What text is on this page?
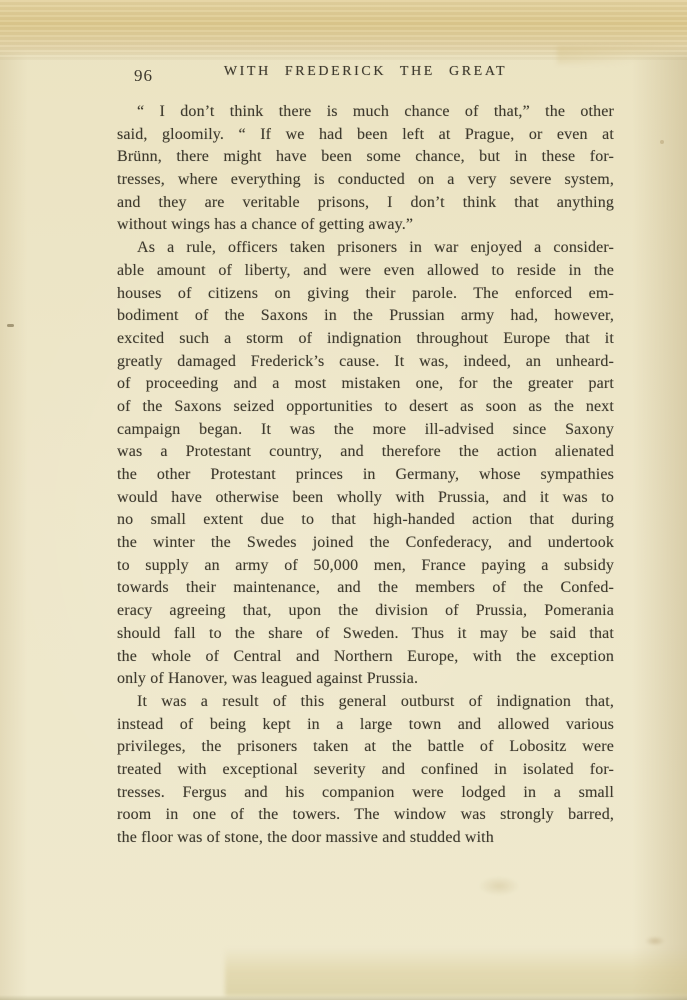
96	WITH FREDERICK THE GREAT
“ I don’t think there is much chance of that,” the other
said, gloomily. “ If we had been left at Prague, or even at
Brünn, there might have been some chance, but in these for-
tresses, where everything is conducted on a very severe system,
and they are veritable prisons, I don’t think that anything
without wings has a chance of getting away.”
As a rule, officers taken prisoners in war enjoyed a consider-
able amount of liberty, and were even allowed to reside in the
houses of citizens on giving their parole. The enforced em-
bodiment of the Saxons in the Prussian army had, however,
excited such a storm of indignation throughout Europe that it
greatly damaged Frederick’s cause. It was, indeed, an unheard-
of proceeding and a most mistaken one, for the greater part
of the Saxons seized opportunities to desert as soon as the next
campaign began. It was the more ill-advised since Saxony
was a Protestant country, and therefore the action alienated
the other Protestant princes in Germany, whose sympathies
would have otherwise been wholly with Prussia, and it was to
no small extent due to that high-handed action that during
the winter the Swedes joined the Confederacy, and undertook
to supply an army of 50,000 men, France paying a subsidy
towards their maintenance, and the members of the Confed-
eracy agreeing that, upon the division of Prussia, Pomerania
should fall to the share of Sweden. Thus it may be said that
the whole of Central and Northern Europe, with the exception
only of Hanover, was leagued against Prussia.
It was a result of this general outburst of indignation that,
instead of being kept in a large town and allowed various
privileges, the prisoners taken at the battle of Lobositz were
treated with exceptional severity and confined in isolated for-
tresses. Fergus and his companion were lodged in a small
room in one of the towers. The window was strongly barred,
the floor was of stone, the door massive and studded with
